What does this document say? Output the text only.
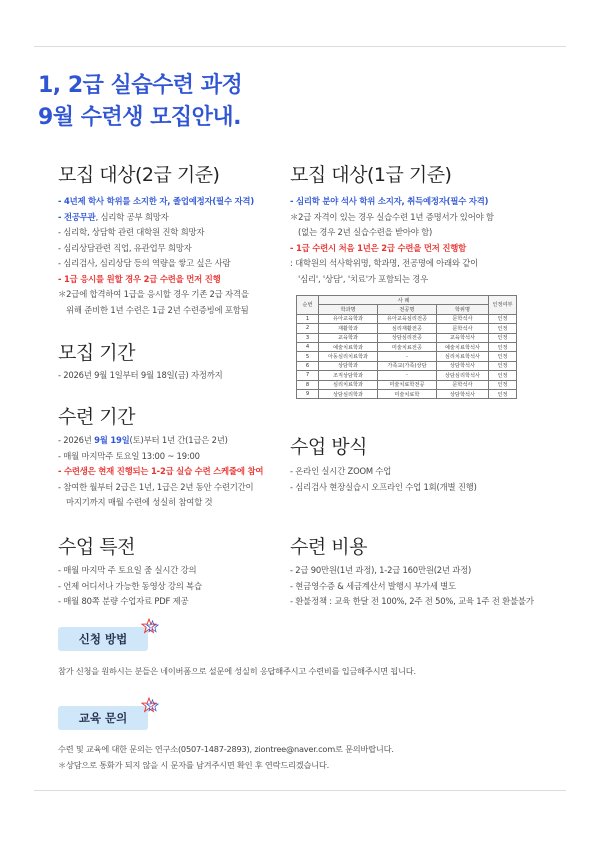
1, 2급 실습수련 과정
9월 수련생 모집안내.
모집 대상(2급 기준)
- 4년제 학사 학위를 소지한 자, 졸업예정자(필수 자격)
- 전공무관, 심리학 공부 희망자
- 심리학, 상담학 관련 대학원 진학 희망자
- 심리상담관련 직업, 유관업무 희망자
- 심리검사, 심리상담 등의 역량을 쌓고 싶은 사람
- 1급 응시를 원할 경우 2급 수련을 먼저 진행
＊2급에 합격하여 1급을 응시할 경우 기존 2급 자격을
위해 준비한 1년 수련은 1급 2년 수련증빙에 포함됨
모집 대상(1급 기준)
- 심리학 분야 석사 학위 소지자, 취득예정자(필수 자격)
＊2급 자격이 있는 경우 실습수련 1년 증명서가 있어야 함
(없는 경우 2년 실습수련을 받아야 함)
- 1급 수련시 처음 1년은 2급 수련을 먼저 진행함
: 대학원의 석사학위명, 학과명, 전공명에 아래와 같이
'심리', '상담', '치료'가 포함되는 경우
순번	사 례			인정여부
	학과명	전공명	학위명	
1	유아교육학과	유아교육심리전공	문학석사	인정
2	재활학과	심리재활전공	문학석사	인정
3	교육학과	상담심리전공	교육학석사	인정
4	예술치료학과	미술치료전공	예술치료학석사	인정
5	아동심리치료학과	-	심리치료학석사	인정
6	상담학과	가족교(가족)상담	상담학석사	인정
7	조직상담학과	-	상담심리학석사	인정
8	심리치료학과	미술치료학전공	문학석사	인정
9	상담심리학과	미술치료학	상담학석사	인정
모집 기간
- 2026년 9월 1일부터 9월 18일(금) 자정까지
수련 기간
- 2026년 9월 19일(토)부터 1년 간(1급은 2년)
- 매월 마지막주 토요일 13:00 ~ 19:00
- 수련생은 현재 진행되는 1-2급 실습 수련 스케줄에 참여
- 참여한 월부터 2급은 1년, 1급은 2년 동안 수련기간이
마지기까지 매월 수련에 성실히 참여할 것
수업 방식
- 온라인 실시간 ZOOM 수업
- 심리검사 현장실습시 오프라인 수업 1회(개별 진행)
수업 특전
- 매월 마지막 주 토요일 줌 실시간 강의
- 언제 어디서나 가능한 동영상 강의 복습
- 매월 80쪽 분량 수업자료 PDF 제공
수련 비용
- 2급 90만원(1년 과정), 1-2급 160만원(2년 과정)
- 현금영수증 & 세금계산서 발행시 부가세 별도
- 환불정책 : 교육 한달 전 100%, 2주 전 50%, 교육 1주 전 환불불가
신청 방법
참가 신청을 원하시는 분들은 네이버폼으로 설문에 성실히 응답해주시고 수련비를 입금해주시면 됩니다.
교육 문의
수련 및 교육에 대한 문의는 연구소(0507-1487-2893), ziontree@naver.com로 문의바랍니다.
＊상담으로 통화가 되지 않을 시 문자를 남겨주시면 확인 후 연락드리겠습니다.
